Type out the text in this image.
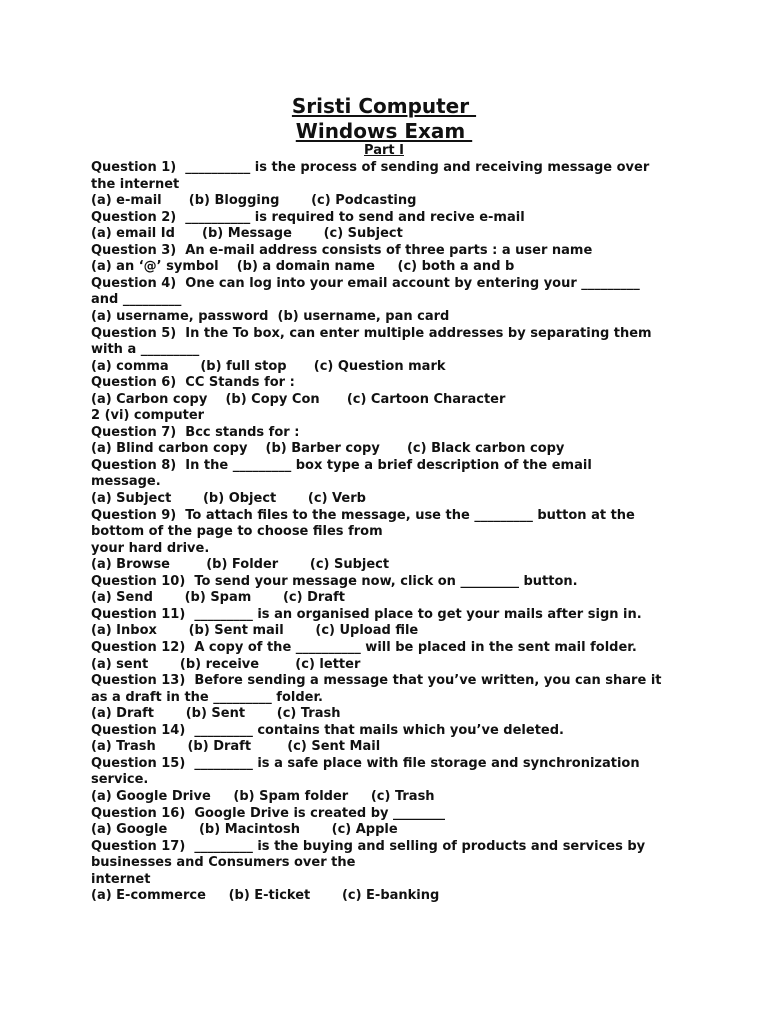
Sristi Computer
Windows Exam
Part I
Question 1)  __________ is the process of sending and receiving message over
the internet
(a) e-mail      (b) Blogging       (c) Podcasting
Question 2)  __________ is required to send and recive e-mail
(a) email Id      (b) Message       (c) Subject
Question 3)  An e-mail address consists of three parts : a user name
(a) an ‘@’ symbol    (b) a domain name     (c) both a and b
Question 4)  One can log into your email account by entering your _________
and _________
(a) username, password  (b) username, pan card
Question 5)  In the To box, can enter multiple addresses by separating them
with a _________
(a) comma       (b) full stop      (c) Question mark
Question 6)  CC Stands for :
(a) Carbon copy    (b) Copy Con      (c) Cartoon Character
2 (vi) computer
Question 7)  Bcc stands for :
(a) Blind carbon copy    (b) Barber copy      (c) Black carbon copy
Question 8)  In the _________ box type a brief description of the email
message.
(a) Subject       (b) Object       (c) Verb
Question 9)  To attach files to the message, use the _________ button at the
bottom of the page to choose files from
your hard drive.
(a) Browse        (b) Folder       (c) Subject
Question 10)  To send your message now, click on _________ button.
(a) Send       (b) Spam       (c) Draft
Question 11)  _________ is an organised place to get your mails after sign in.
(a) Inbox       (b) Sent mail       (c) Upload file
Question 12)  A copy of the __________ will be placed in the sent mail folder.
(a) sent       (b) receive        (c) letter
Question 13)  Before sending a message that you’ve written, you can share it
as a draft in the _________ folder.
(a) Draft       (b) Sent       (c) Trash
Question 14)  _________ contains that mails which you’ve deleted.
(a) Trash       (b) Draft        (c) Sent Mail
Question 15)  _________ is a safe place with file storage and synchronization
service.
(a) Google Drive     (b) Spam folder     (c) Trash
Question 16)  Google Drive is created by ________
(a) Google       (b) Macintosh       (c) Apple
Question 17)  _________ is the buying and selling of products and services by
businesses and Consumers over the
internet
(a) E-commerce     (b) E-ticket       (c) E-banking
